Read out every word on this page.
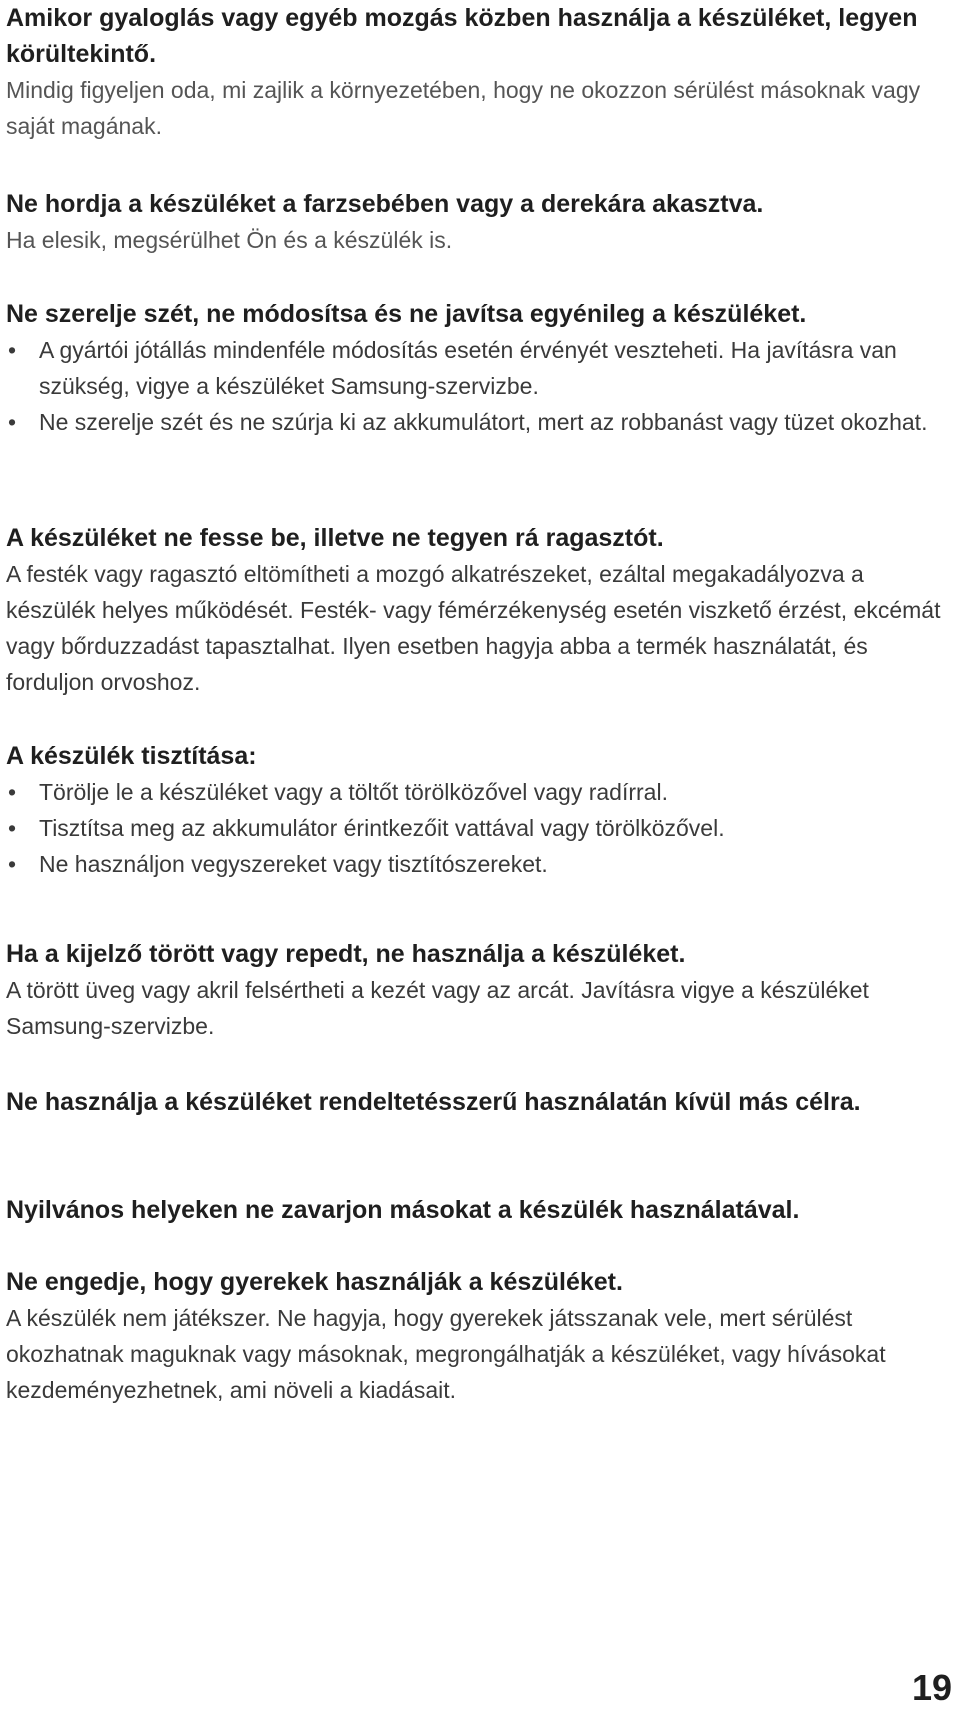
Amikor gyaloglás vagy egyéb mozgás közben használja a készüléket, legyen körültekintő.

Mindig figyeljen oda, mi zajlik a környezetében, hogy ne okozzon sérülést másoknak vagy saját magának.

Ne hordja a készüléket a farzsebében vagy a derekára akasztva.

Ha elesik, megsérülhet Ön és a készülék is.

Ne szerelje szét, ne módosítsa és ne javítsa egyénileg a készüléket.
• A gyártói jótállás mindenféle módosítás esetén érvényét veszteheti. Ha javításra van szükség, vigye a készüléket Samsung-szervizbe.
• Ne szerelje szét és ne szúrja ki az akkumulátort, mert az robbanást vagy tüzet okozhat.
A készüléket ne fesse be, illetve ne tegyen rá ragasztót.

A festék vagy ragasztó eltömítheti a mozgó alkatrészeket, ezáltal megakadályozva a készülék helyes működését. Festék- vagy fémérzékenység esetén viszkető érzést, ekcémát vagy bőrduzzadást tapasztalhat. Ilyen esetben hagyja abba a termék használatát, és forduljon orvoshoz.

A készülék tisztítása:
• Törölje le a készüléket vagy a töltőt törölközővel vagy radírral.
• Tisztítsa meg az akkumulátor érintkezőit vattával vagy törölközővel.
• Ne használjon vegyszereket vagy tisztítószereket.
Ha a kijelző törött vagy repedt, ne használja a készüléket.

A törött üveg vagy akril felsértheti a kezét vagy az arcát. Javításra vigye a készüléket Samsung-szervizbe.

Ne használja a készüléket rendeltetésszerű használatán kívül más célra.
Nyilvános helyeken ne zavarjon másokat a készülék használatával.
Ne engedje, hogy gyerekek használják a készüléket.

A készülék nem játékszer. Ne hagyja, hogy gyerekek játsszanak vele, mert sérülést okozhatnak maguknak vagy másoknak, megrongálhatják a készüléket, vagy hívásokat kezdeményezhetnek, ami növeli a kiadásait.

19
